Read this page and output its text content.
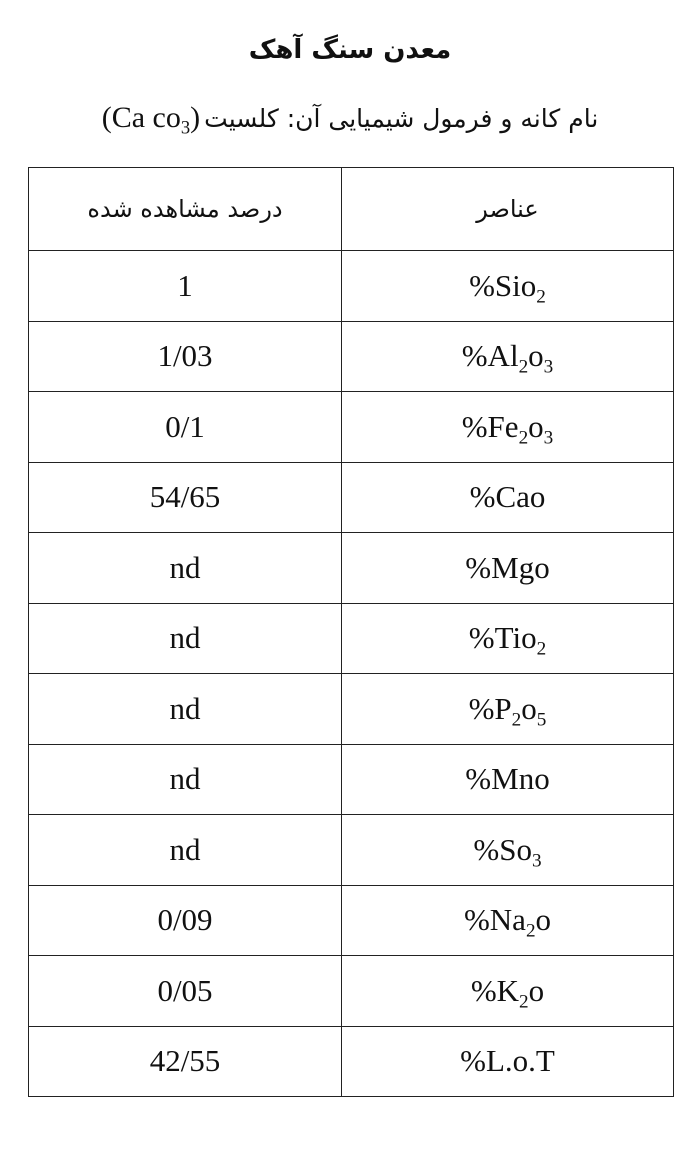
معدن سنگ آهک
(Ca $co_3$) نام کانه و فرمول شیمیایی آن: کلسیت
عناصر	درصد مشاهده شده
%Sio$_2$	1
$\%Al_2o_3$	1/03
$\%Fe_2o_3$	0/1
%Cao	54/65
%Mgo	nd
%Tio$_2$	nd
$\%P_2o_5$	nd
%Mno	nd
$\%So_3$	nd
$\%Na_2o$	0/09
$\%K_2o$	0/05
%L.o.T	42/55
